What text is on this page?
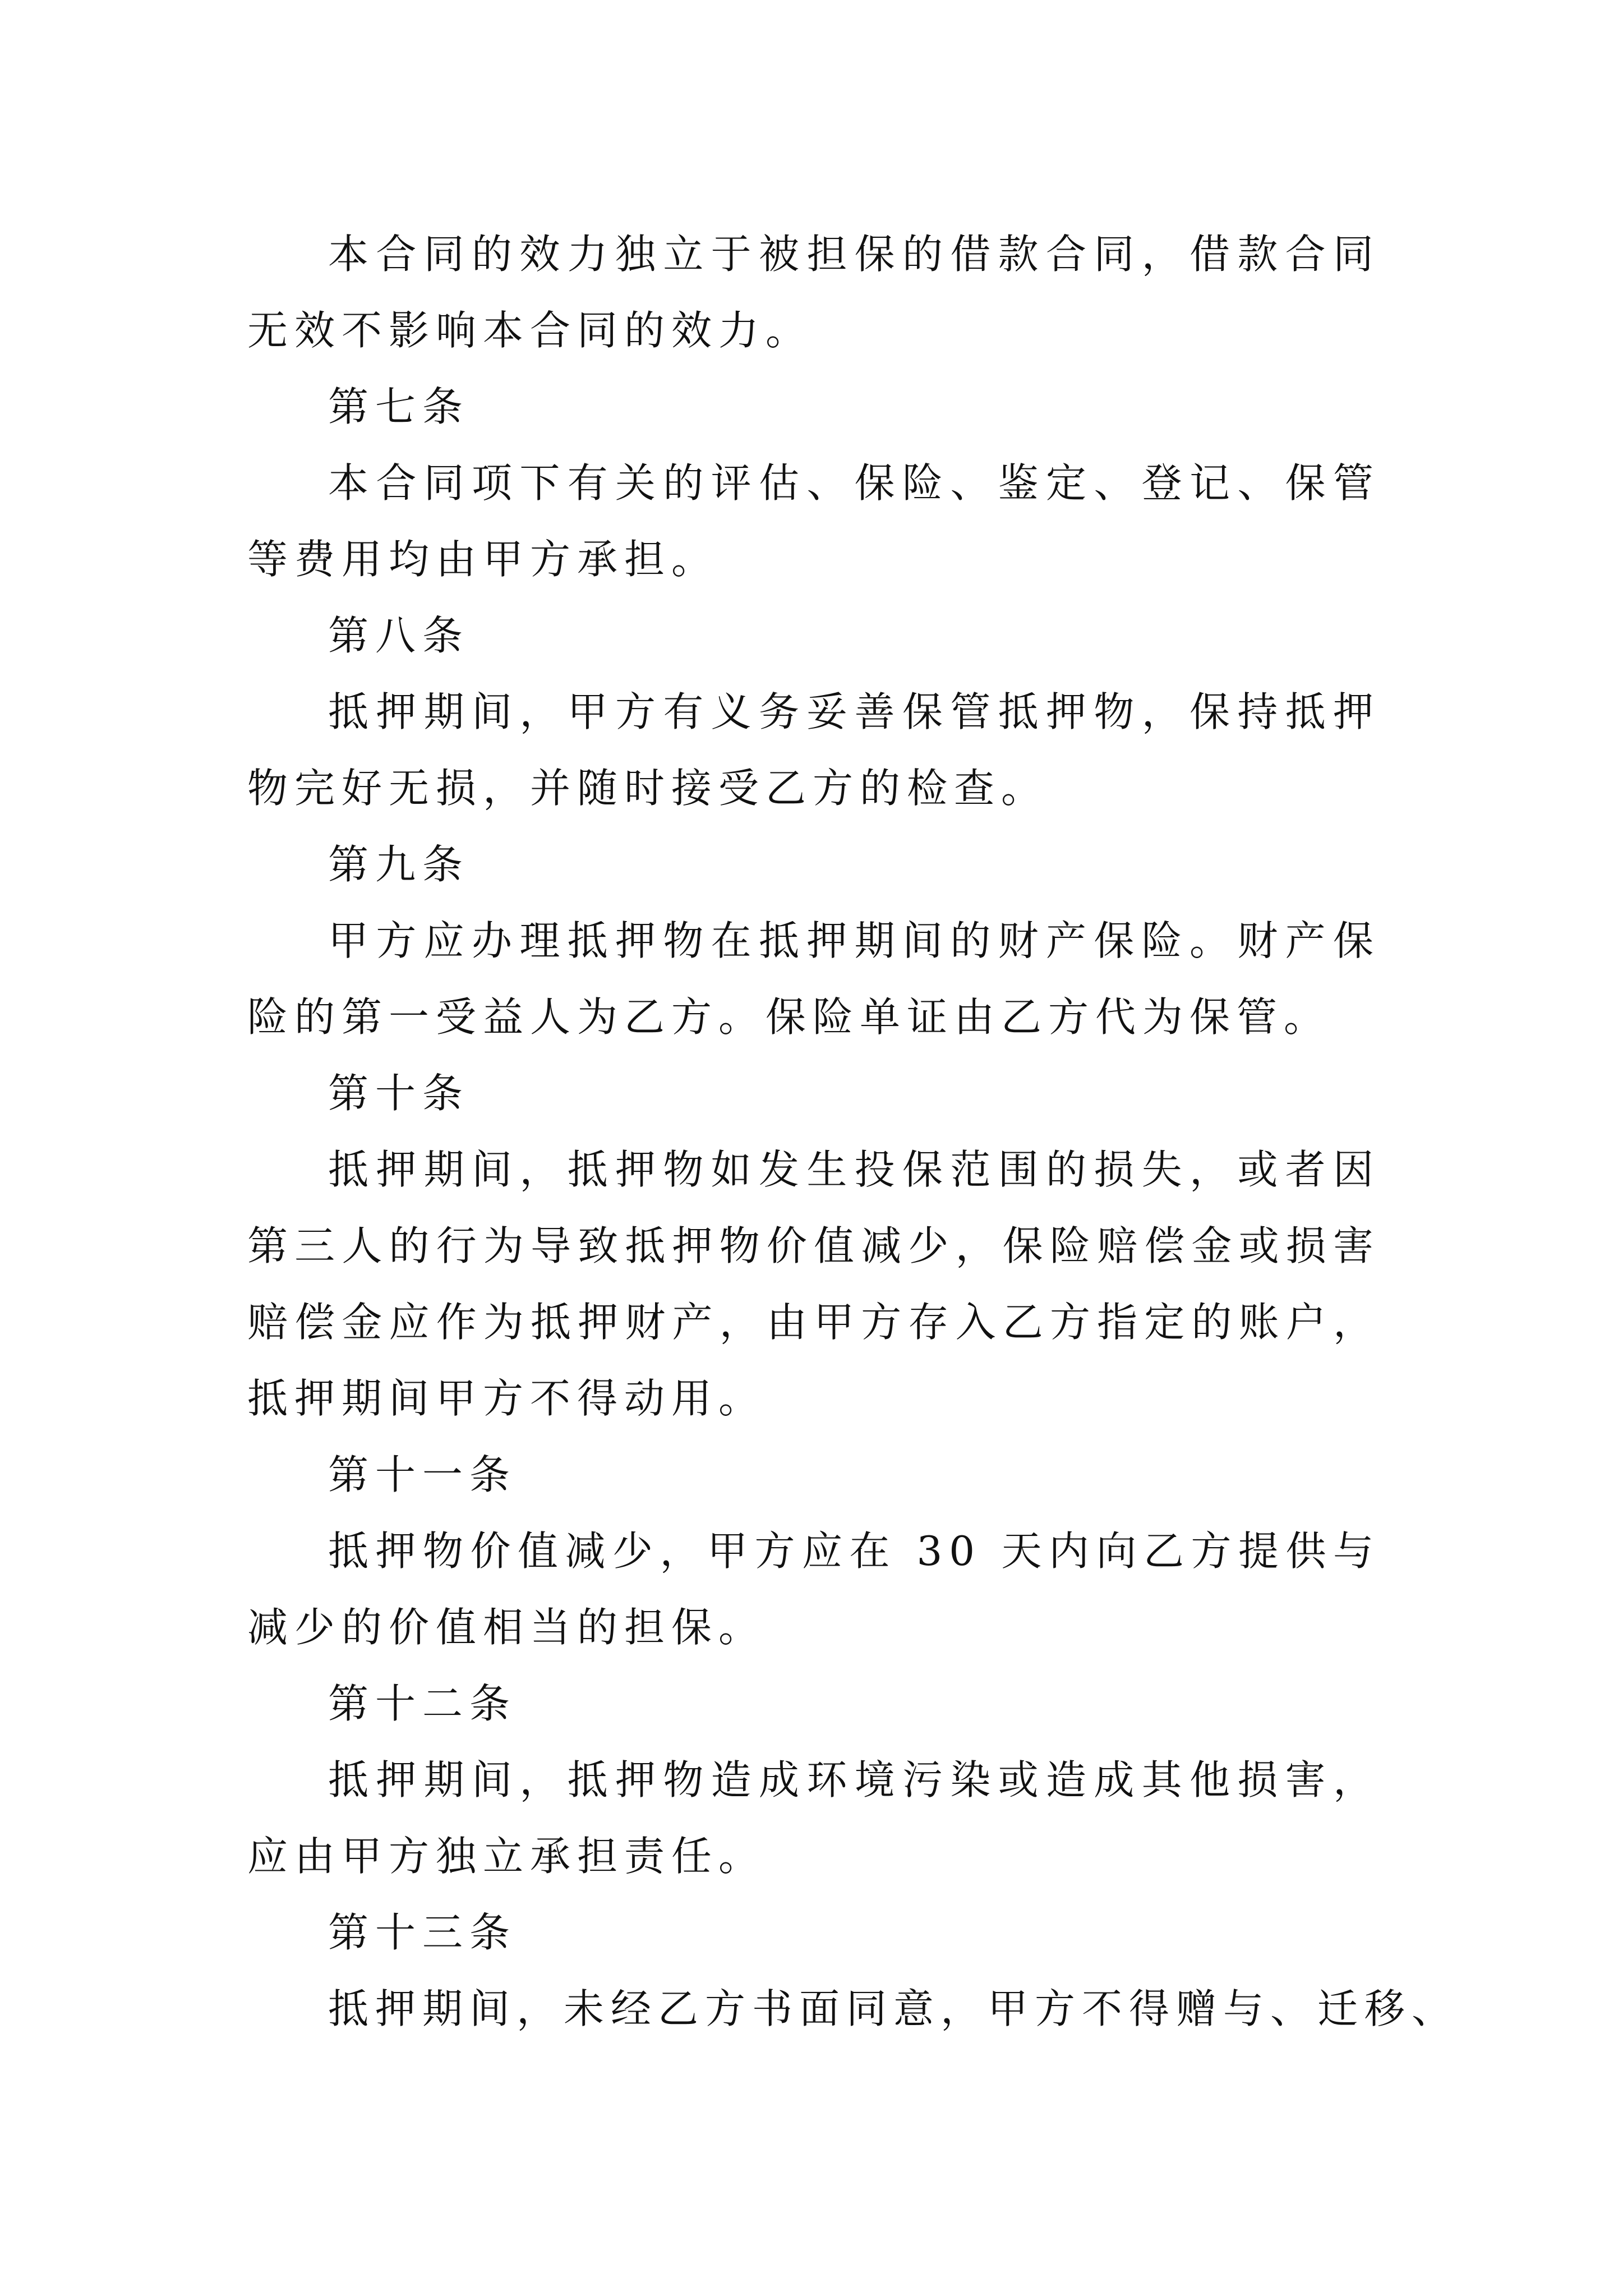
本合同的效力独立于被担保的借款合同，借款合同无效不影响本合同的效力。

第七条

本合同项下有关的评估、保险、鉴定、登记、保管等费用均由甲方承担。

第八条

抵押期间，甲方有义务妥善保管抵押物，保持抵押物完好无损，并随时接受乙方的检查。

第九条

甲方应办理抵押物在抵押期间的财产保险。财产保险的第一受益人为乙方。保险单证由乙方代为保管。

第十条

抵押期间，抵押物如发生投保范围的损失，或者因第三人的行为导致抵押物价值减少，保险赔偿金或损害赔偿金应作为抵押财产，由甲方存入乙方指定的账户，抵押期间甲方不得动用。

第十一条

抵押物价值减少，甲方应在 30 天内向乙方提供与减少的价值相当的担保。

第十二条

抵押期间，抵押物造成环境污染或造成其他损害，应由甲方独立承担责任。

第十三条

抵押期间，未经乙方书面同意，甲方不得赠与、迁移、
